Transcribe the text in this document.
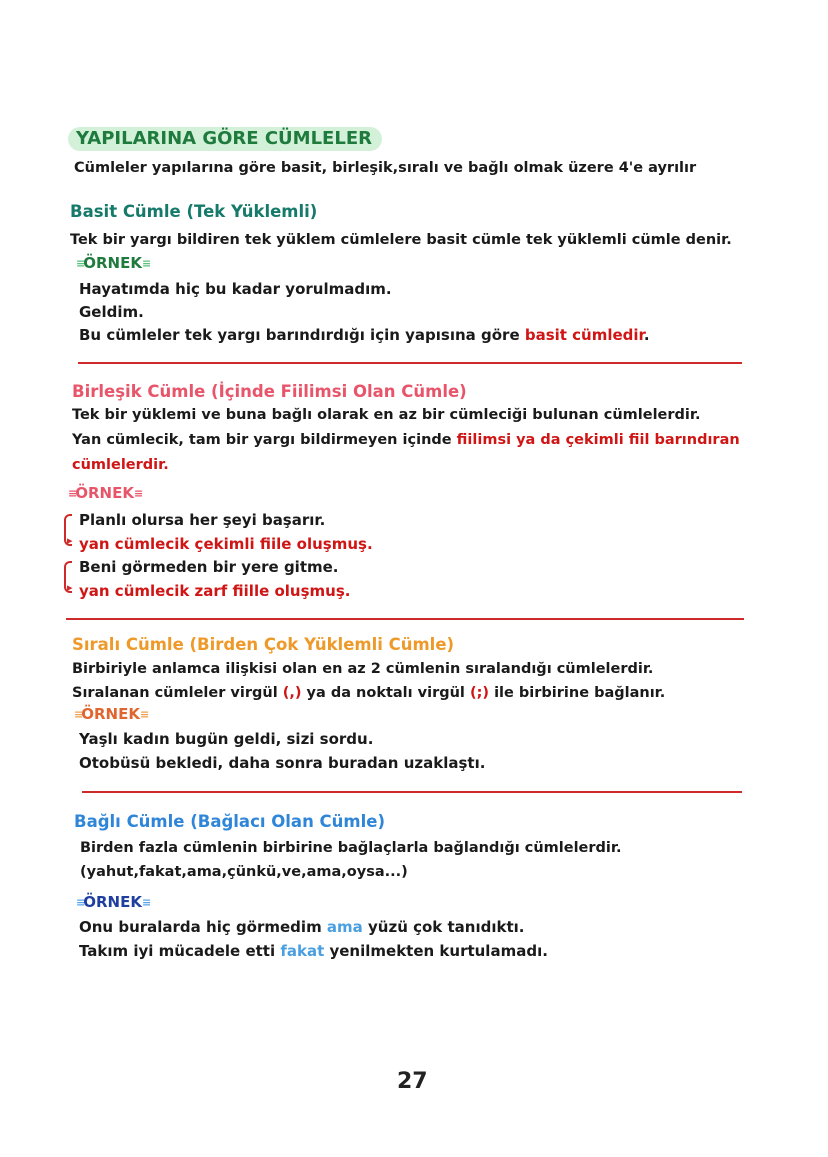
YAPILARINA GÖRE CÜMLELER
Cümleler yapılarına göre basit, birleşik,sıralı ve bağlı olmak üzere 4'e ayrılır
Basit Cümle (Tek Yüklemli)
Tek bir yargı bildiren tek yüklem cümlelere basit cümle tek yüklemli cümle denir.
≡ ÖRNEK ≡
Hayatımda hiç bu kadar yorulmadım.
Geldim.
Bu cümleler tek yargı barındırdığı için yapısına göre basit cümledir.
Birleşik Cümle (İçinde Fiilimsi Olan Cümle)
Tek bir yüklemi ve buna bağlı olarak en az bir cümleciği bulunan cümlelerdir.
Yan cümlecik, tam bir yargı bildirmeyen içinde fiilimsi ya da çekimli fiil barındıran
cümlelerdir.
≡ ÖRNEK ≡
▸
Planlı olursa her şeyi başarır.
yan cümlecik çekimli fiile oluşmuş.
▸
Beni görmeden bir yere gitme.
yan cümlecik zarf fiille oluşmuş.
Sıralı Cümle (Birden Çok Yüklemli Cümle)
Birbiriyle anlamca ilişkisi olan en az 2 cümlenin sıralandığı cümlelerdir.
Sıralanan cümleler virgül (,) ya da noktalı virgül (;) ile birbirine bağlanır.
≡ ÖRNEK ≡
Yaşlı kadın bugün geldi, sizi sordu.
Otobüsü bekledi, daha sonra buradan uzaklaştı.
Bağlı Cümle (Bağlacı Olan Cümle)
Birden fazla cümlenin birbirine bağlaçlarla bağlandığı cümlelerdir.
(yahut,fakat,ama,çünkü,ve,ama,oysa...)
≡ ÖRNEK ≡
Onu buralarda hiç görmedim ama yüzü çok tanıdıktı.
Takım iyi mücadele etti fakat yenilmekten kurtulamadı.
27
